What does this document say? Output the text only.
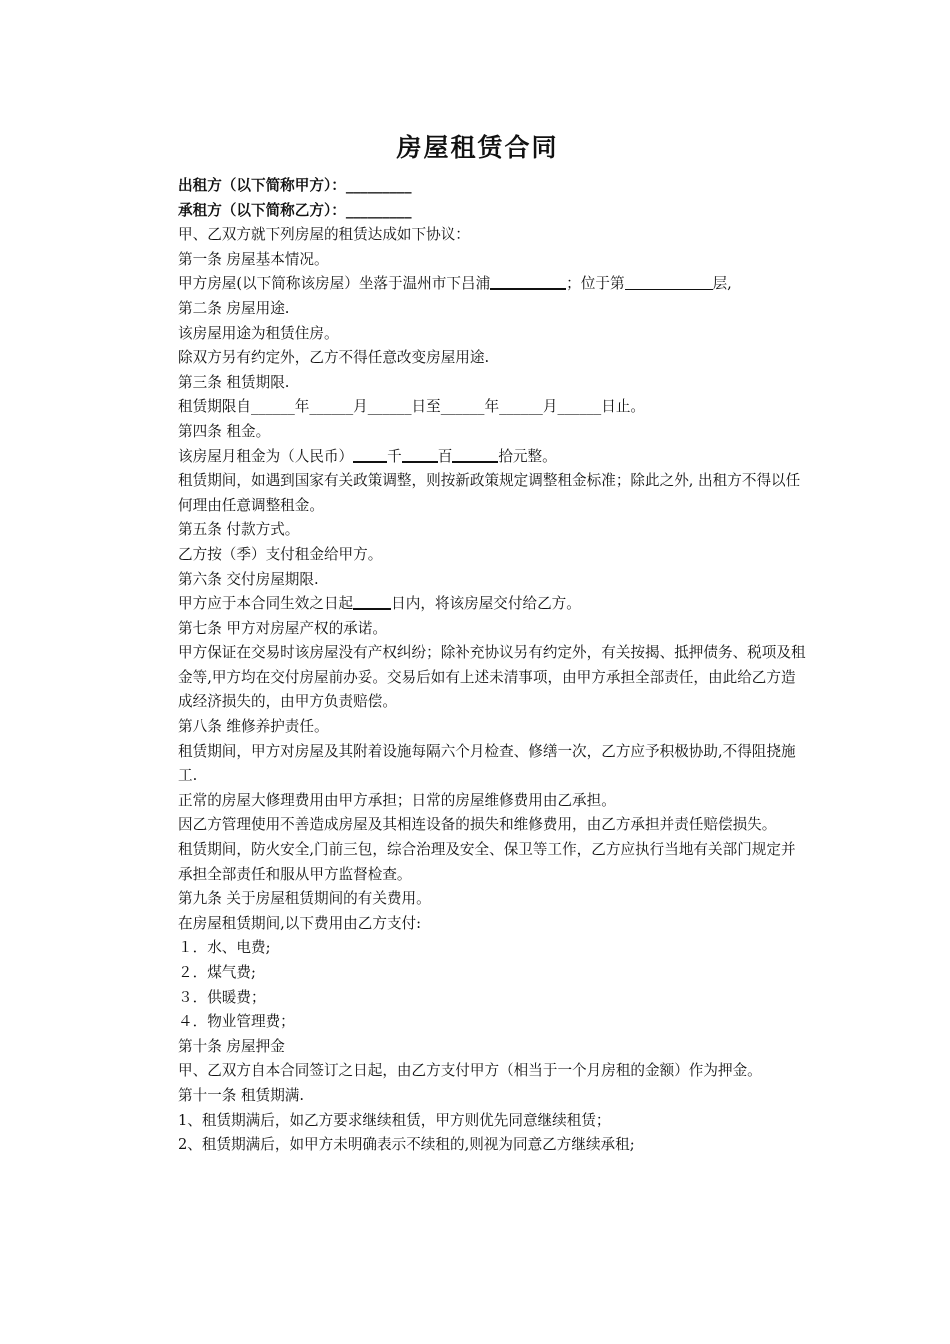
房屋租赁合同
出租方（以下简称甲方）：_________
承租方（以下简称乙方）：_________
甲、乙双方就下列房屋的租赁达成如下协议：
第一条 房屋基本情况。
甲方房屋(以下简称该房屋）坐落于温州市下吕浦	；位于第	层,
第二条 房屋用途.
该房屋用途为租赁住房。
除双方另有约定外，乙方不得任意改变房屋用途.
第三条 租赁期限.
租赁期限自______年______月______日至______年______月______日止。
第四条 租金。
该房屋月租金为（人民币） 千 百	拾元整。
租赁期间，如遇到国家有关政策调整，则按新政策规定调整租金标准；除此之外, 出租方不得以任何理由任意调整租金。
第五条 付款方式。
乙方按（季）支付租金给甲方。
第六条 交付房屋期限.
甲方应于本合同生效之日起	日内，将该房屋交付给乙方。
第七条 甲方对房屋产权的承诺。
甲方保证在交易时该房屋没有产权纠纷；除补充协议另有约定外，有关按揭、抵押债务、税项及租金等,甲方均在交付房屋前办妥。交易后如有上述未清事项，由甲方承担全部责任，由此给乙方造成经济损失的，由甲方负责赔偿。
第八条 维修养护责任。
租赁期间，甲方对房屋及其附着设施每隔六个月检查、修缮一次，乙方应予积极协助,不得阻挠施工.
正常的房屋大修理费用由甲方承担；日常的房屋维修费用由乙承担。
因乙方管理使用不善造成房屋及其相连设备的损失和维修费用，由乙方承担并责任赔偿损失。
租赁期间，防火安全,门前三包，综合治理及安全、保卫等工作，乙方应执行当地有关部门规定并承担全部责任和服从甲方监督检查。
第九条 关于房屋租赁期间的有关费用。
在房屋租赁期间,以下费用由乙方支付:
１．水、电费;
２．煤气费;
３．供暖费；
４．物业管理费；
第十条 房屋押金
甲、乙双方自本合同签订之日起，由乙方支付甲方（相当于一个月房租的金额）作为押金。
第十一条 租赁期满.
1、租赁期满后，如乙方要求继续租赁，甲方则优先同意继续租赁；
2、租赁期满后，如甲方未明确表示不续租的,则视为同意乙方继续承租;
